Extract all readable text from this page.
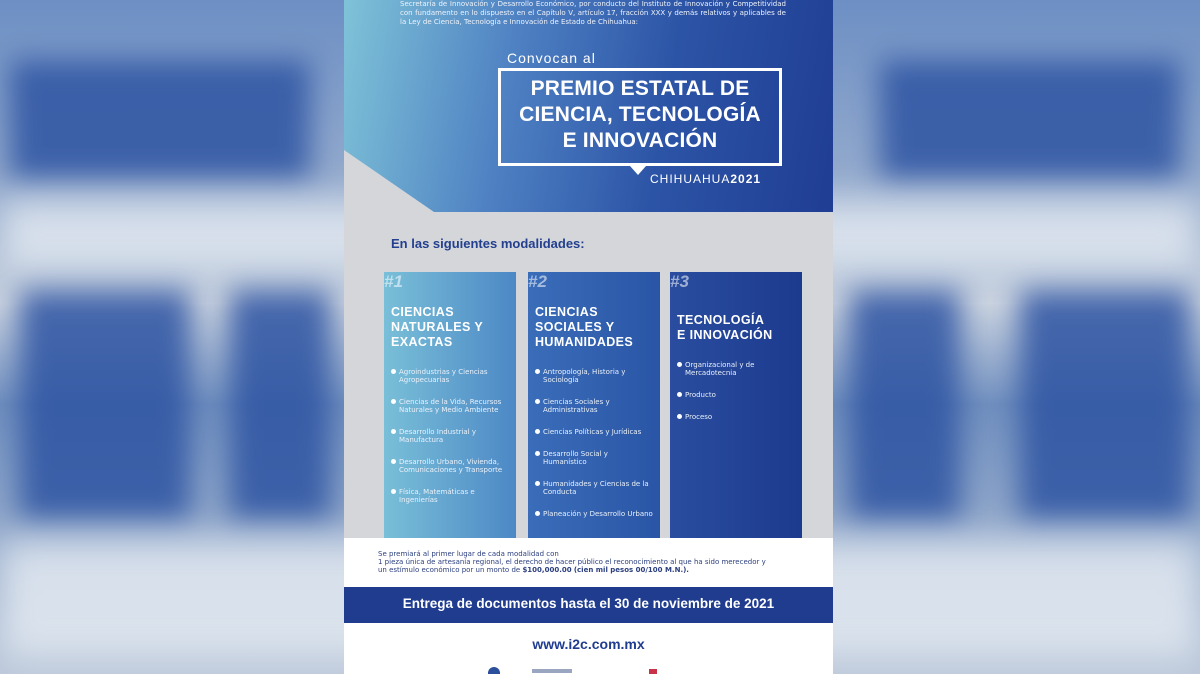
Secretaría de Innovación y Desarrollo Económico, por conducto del Instituto de Innovación y Competitividad con fundamento en lo dispuesto en el Capítulo V, artículo 17, fracción XXX y demás relativos y aplicables de la Ley de Ciencia, Tecnología e Innovación de Estado de Chihuahua:

Convocan al
PREMIO ESTATAL DE
CIENCIA, TECNOLOGÍA
E INNOVACIÓN
CHIHUAHUA2021
En las siguientes modalidades:
#1
CIENCIAS
NATURALES Y
EXACTAS
Agroindustrias y Ciencias Agropecuarias
Ciencias de la Vida, Recursos Naturales y Medio Ambiente
Desarrollo Industrial y Manufactura
Desarrollo Urbano, Vivienda, Comunicaciones y Transporte
Física, Matemáticas e Ingenierías
#2
CIENCIAS
SOCIALES Y
HUMANIDADES
Antropología, Historia y Sociología
Ciencias Sociales y Administrativas
Ciencias Políticas y Jurídicas
Desarrollo Social y Humanístico
Humanidades y Ciencias de la Conducta
Planeación y Desarrollo Urbano
#3
TECNOLOGÍA
E INNOVACIÓN
Organizacional y de Mercadotecnia
Producto
Proceso
Se premiará al primer lugar de cada modalidad con
1 pieza única de artesanía regional, el derecho de hacer público el reconocimiento al que ha sido merecedor y
un estímulo económico por un monto de $100,000.00 (cien mil pesos 00/100 M.N.).
Entrega de documentos hasta el 30 de noviembre de 2021
www.i2c.com.mx
